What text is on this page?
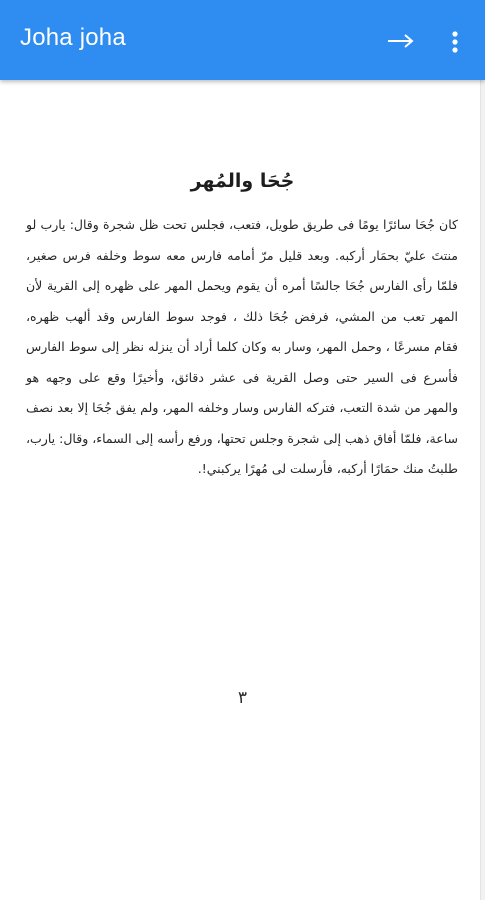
Joha joha
جُحَا والمُهر

كان جُحَا سائرًا يومًا فى طريق طويل، فتعب، فجلس تحت ظل شجرة وقال: يارب لو منتتَ عليّ بحمَار أركبه. وبعد قليل مرّ أمامه فارس معه سوط وخلفه فرس صغير، فلمّا رأى الفارس جُحَا جالسًا أمره أن يقوم ويحمل المهر على ظهره إلى القرية لأن المهر تعب من المشي، فرفض جُحَا ذلك ، فوجد سوط الفارس وقد ألهب ظهره، فقام مسرعًا ، وحمل المهر، وسار به وكان كلما أراد أن ينزله نظر إلى سوط الفارس فأسرع فى السير حتى وصل القرية فى عشر دقائق، وأخيرًا وقع على وجهه هو والمهر من شدة التعب، فتركه الفارس وسار وخلفه المهر، ولم يفق جُحَا إلا بعد نصف ساعة، فلمّا أفاق ذهب إلى شجرة وجلس تحتها، ورفع رأسه إلى السماء، وقال: يارب، طلبتُ منك حمَارًا أركبه، فأرسلت لى مُهرًا يركبني!.

٣
